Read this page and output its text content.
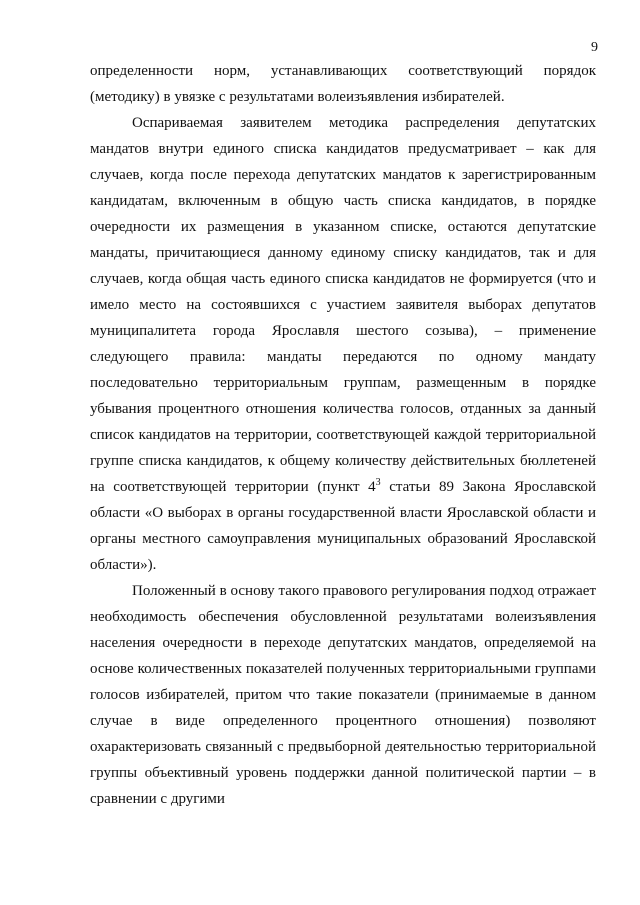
9

определенности норм, устанавливающих соответствующий порядок (методику) в увязке с результатами волеизъявления избирателей.

Оспариваемая заявителем методика распределения депутатских мандатов внутри единого списка кандидатов предусматривает – как для случаев, когда после перехода депутатских мандатов к зарегистрированным кандидатам, включенным в общую часть списка кандидатов, в порядке очередности их размещения в указанном списке, остаются депутатские мандаты, причитающиеся данному единому списку кандидатов, так и для случаев, когда общая часть единого списка кандидатов не формируется (что и имело место на состоявшихся с участием заявителя выборах депутатов муниципалитета города Ярославля шестого созыва), – применение следующего правила: мандаты передаются по одному мандату последовательно территориальным группам, размещенным в порядке убывания процентного отношения количества голосов, отданных за данный список кандидатов на территории, соответствующей каждой территориальной группе списка кандидатов, к общему количеству действительных бюллетеней на соответствующей территории (пункт $4^3$ статьи 89 Закона Ярославской области «О выборах в органы государственной власти Ярославской области и органы местного самоуправления муниципальных образований Ярославской области»).

Положенный в основу такого правового регулирования подход отражает необходимость обеспечения обусловленной результатами волеизъявления населения очередности в переходе депутатских мандатов, определяемой на основе количественных показателей полученных территориальными группами голосов избирателей, притом что такие показатели (принимаемые в данном случае в виде определенного процентного отношения) позволяют охарактеризовать связанный с предвыборной деятельностью территориальной группы объективный уровень поддержки данной политической партии – в сравнении с другими
